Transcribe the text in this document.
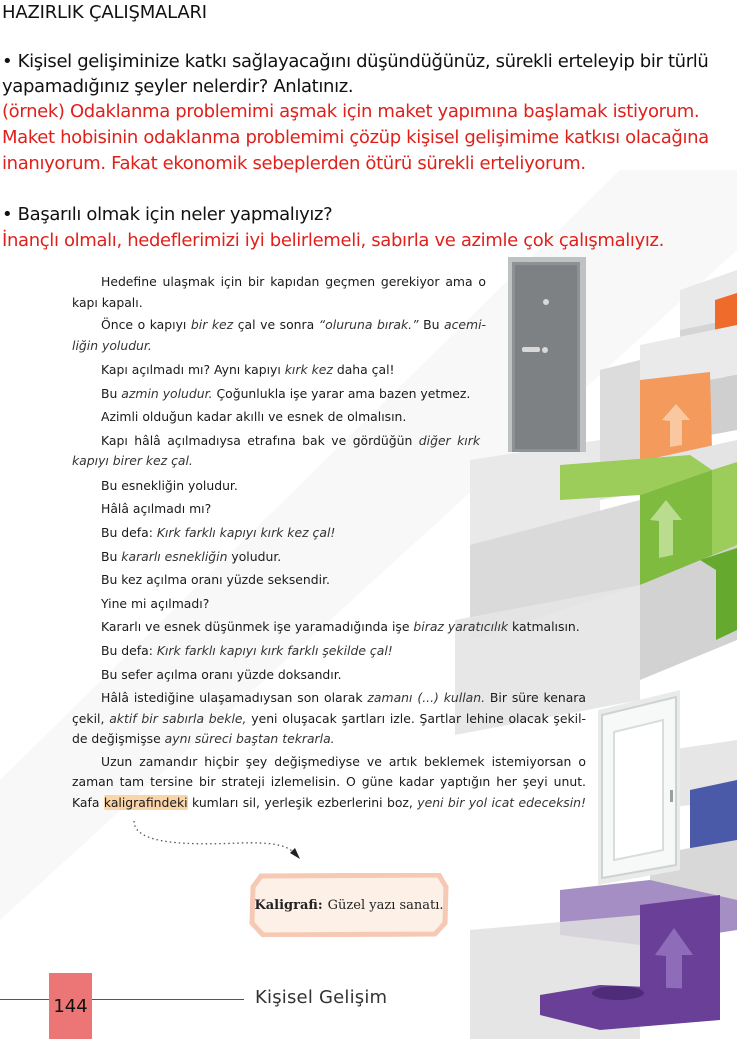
HAZIRLIK ÇALIŞMALARI
• Kişisel gelişiminize katkı sağlayacağını düşündüğünüz, sürekli erteleyip bir türlü
yapamadığınız şeyler nelerdir? Anlatınız.
(örnek) Odaklanma problemimi aşmak için maket yapımına başlamak istiyorum.
Maket hobisinin odaklanma problemimi çözüp kişisel gelişimime katkısı olacağına
inanıyorum. Fakat ekonomik sebeplerden ötürü sürekli erteliyorum.
• Başarılı olmak için neler yapmalıyız?
İnançlı olmalı, hedeflerimizi iyi belirlemeli, sabırla ve azimle çok çalışmalıyız.

Hedefine ulaşmak için bir kapıdan geçmen gerekiyor ama o
kapı kapalı.

Önce o kapıyı bir kez çal ve sonra “oluruna bırak.” Bu acemi-
liğin yoludur.

Kapı açılmadı mı? Aynı kapıyı kırk kez daha çal!

Bu azmin yoludur. Çoğunlukla işe yarar ama bazen yetmez.

Azimli olduğun kadar akıllı ve esnek de olmalısın.

Kapı hâlâ açılmadıysa etrafına bak ve gördüğün diğer kırk
kapıyı birer kez çal.

Bu esnekliğin yoludur.

Hâlâ açılmadı mı?

Bu defa: Kırk farklı kapıyı kırk kez çal!

Bu kararlı esnekliğin yoludur.

Bu kez açılma oranı yüzde seksendir.

Yine mi açılmadı?

Kararlı ve esnek düşünmek işe yaramadığında işe biraz yaratıcılık katmalısın.

Bu defa: Kırk farklı kapıyı kırk farklı şekilde çal!

Bu sefer açılma oranı yüzde doksandır.

Hâlâ istediğine ulaşamadıysan son olarak zamanı (...) kullan. Bir süre kenara
çekil, aktif bir sabırla bekle, yeni oluşacak şartları izle. Şartlar lehine olacak şekil-
de değişmişse aynı süreci baştan tekrarla.

Uzun zamandır hiçbir şey değişmediyse ve artık beklemek istemiyorsan o
zaman tam tersine bir strateji izlemelisin. O güne kadar yaptığın her şeyi unut.
Kafa kaligrafindeki kumları sil, yerleşik ezberlerini boz, yeni bir yol icat edeceksin!

Kaligrafi: Güzel yazı sanatı.
144	Kişisel Gelişim
